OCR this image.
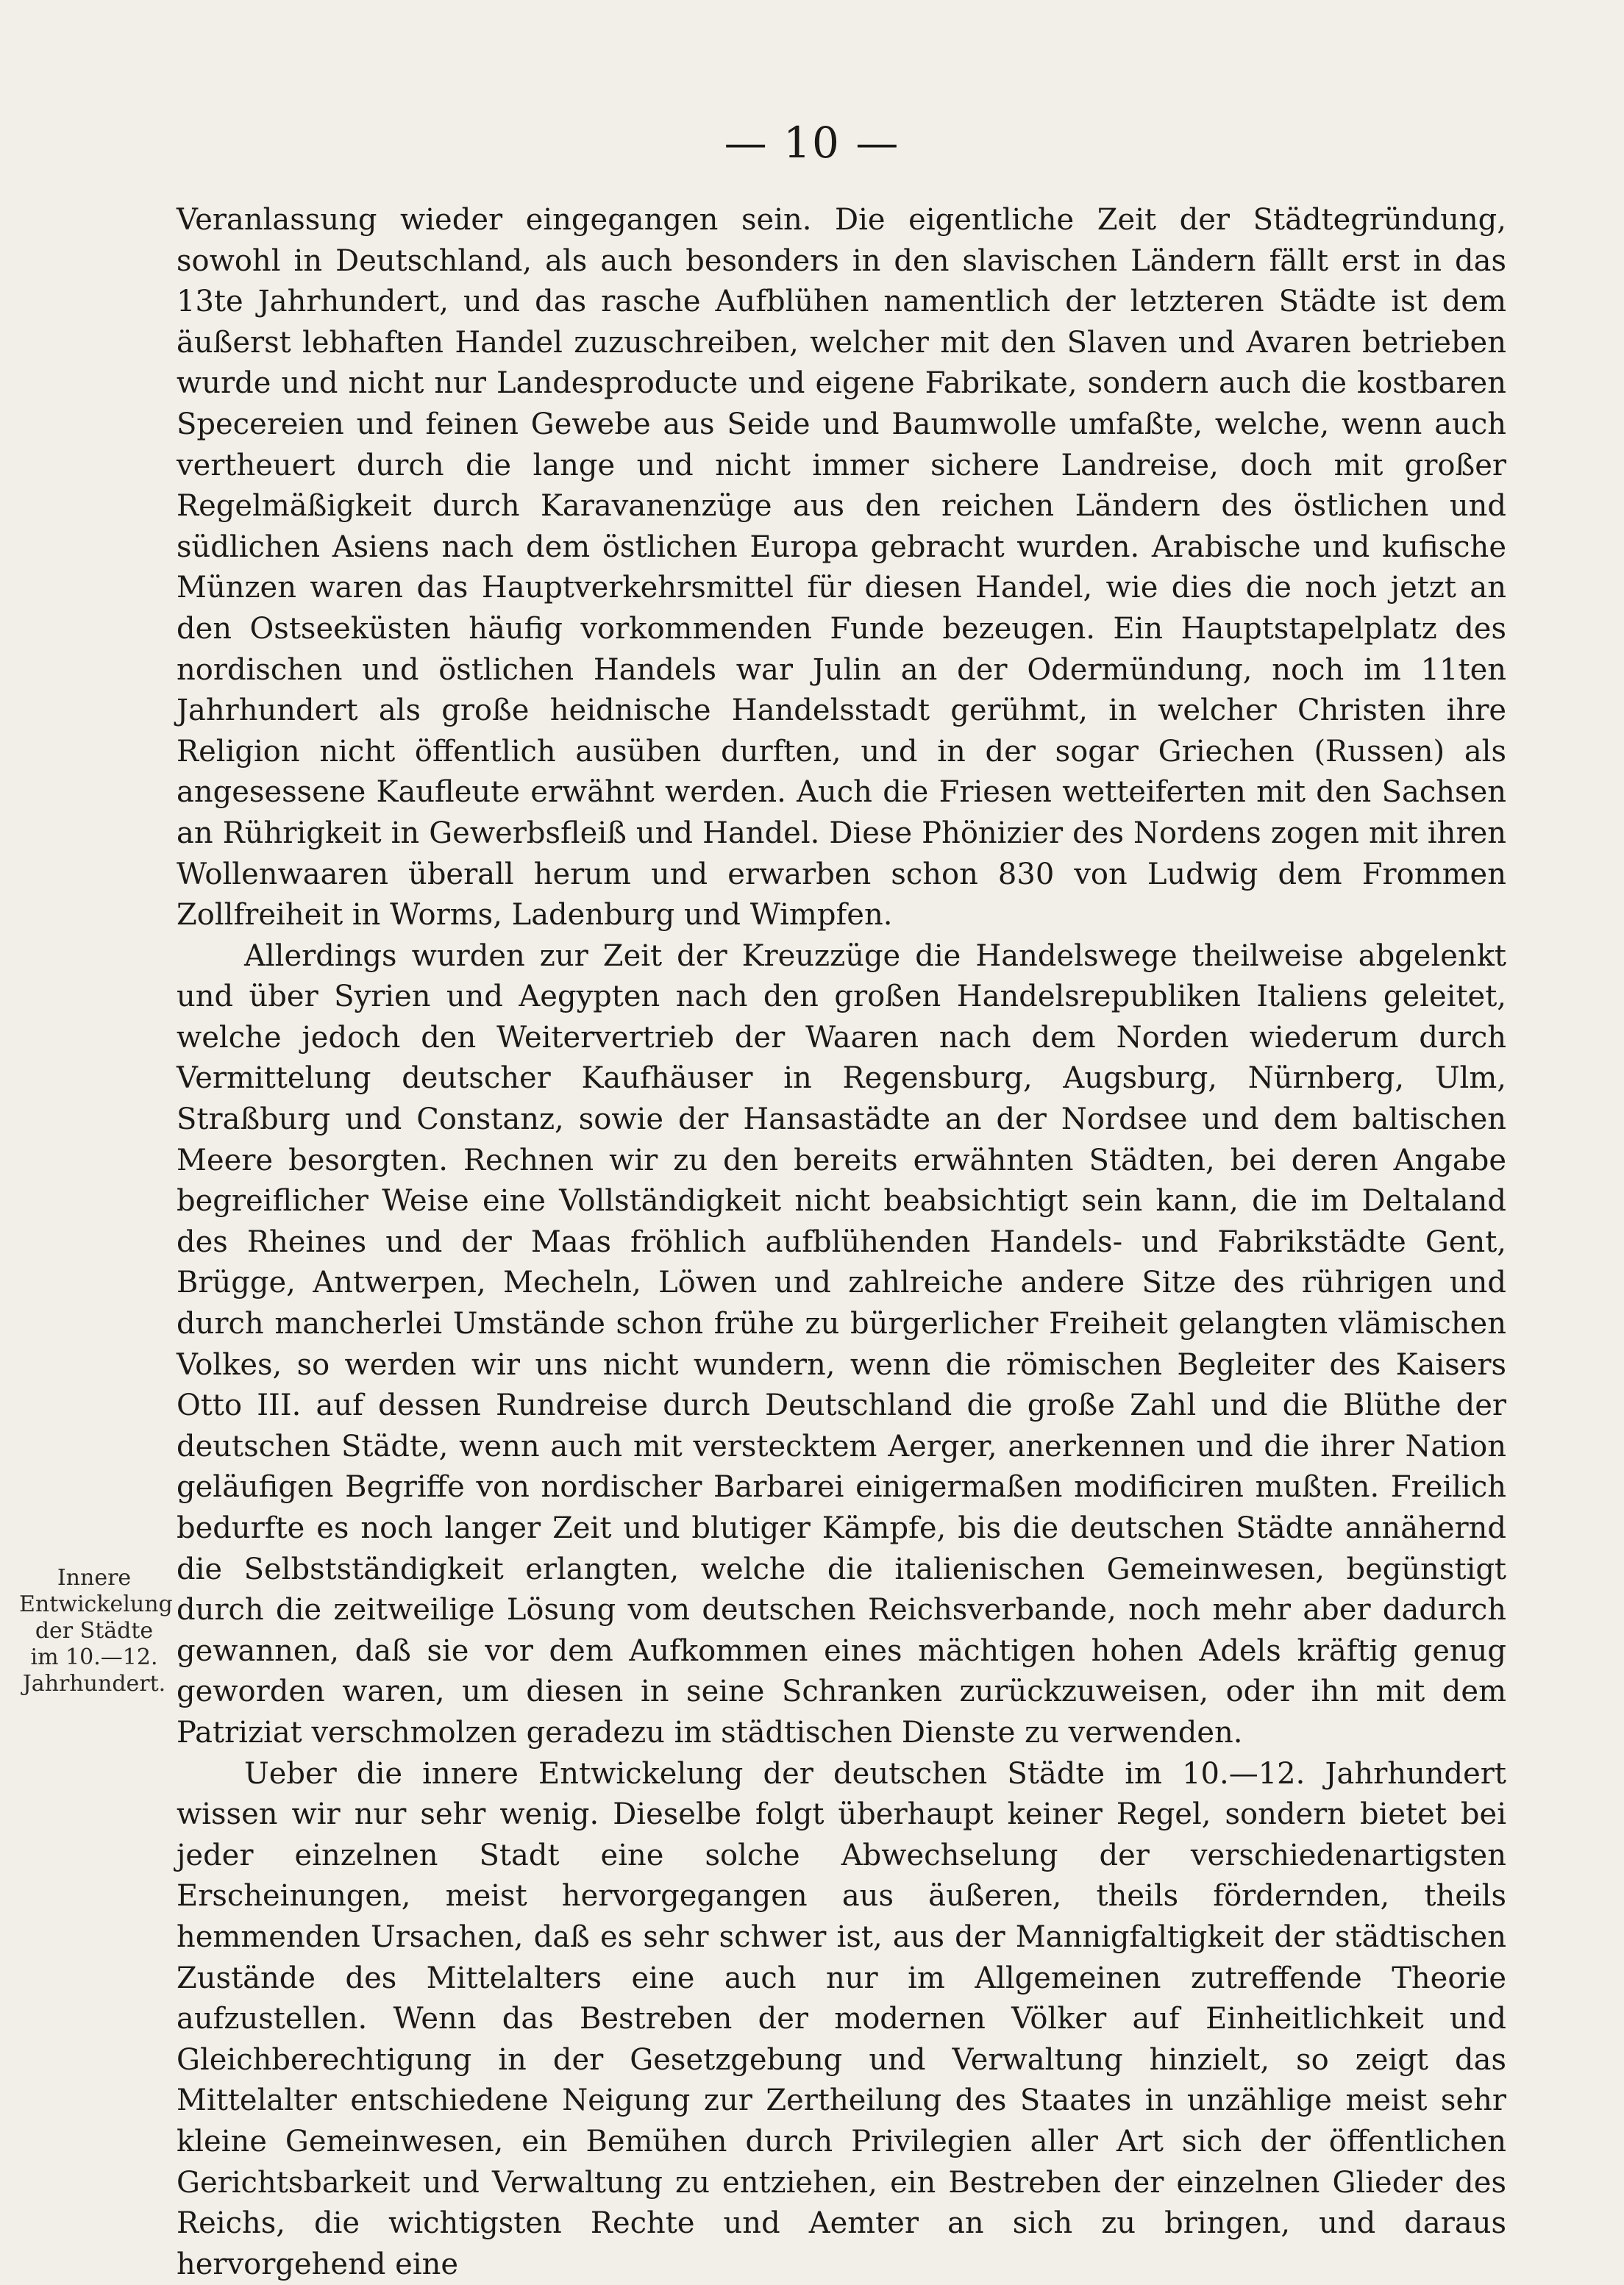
— 10 —

Veranlassung wieder eingegangen sein. Die eigentliche Zeit der Städtegründung, sowohl in Deutschland, als auch besonders in den slavischen Ländern fällt erst in das 13te Jahrhundert, und das rasche Aufblühen namentlich der letzteren Städte ist dem äußerst lebhaften Handel zuzuschreiben, welcher mit den Slaven und Avaren betrieben wurde und nicht nur Landesproducte und eigene Fabrikate, sondern auch die kostbaren Specereien und feinen Gewebe aus Seide und Baumwolle umfaßte, welche, wenn auch vertheuert durch die lange und nicht immer sichere Landreise, doch mit großer Regelmäßigkeit durch Karavanenzüge aus den reichen Ländern des östlichen und südlichen Asiens nach dem östlichen Europa gebracht wurden. Arabische und kufische Münzen waren das Hauptverkehrsmittel für diesen Handel, wie dies die noch jetzt an den Ostseeküsten häufig vorkommenden Funde bezeugen. Ein Hauptstapelplatz des nordischen und östlichen Handels war Julin an der Odermündung, noch im 11ten Jahrhundert als große heidnische Handelsstadt gerühmt, in welcher Christen ihre Religion nicht öffentlich ausüben durften, und in der sogar Griechen (Russen) als angesessene Kaufleute erwähnt werden. Auch die Friesen wetteiferten mit den Sachsen an Rührigkeit in Gewerbsfleiß und Handel. Diese Phönizier des Nordens zogen mit ihren Wollenwaaren überall herum und erwarben schon 830 von Ludwig dem Frommen Zollfreiheit in Worms, Ladenburg und Wimpfen.

Allerdings wurden zur Zeit der Kreuzzüge die Handelswege theilweise abgelenkt und über Syrien und Aegypten nach den großen Handelsrepubliken Italiens geleitet, welche jedoch den Weitervertrieb der Waaren nach dem Norden wiederum durch Vermittelung deutscher Kaufhäuser in Regensburg, Augsburg, Nürnberg, Ulm, Straßburg und Constanz, sowie der Hansastädte an der Nordsee und dem baltischen Meere besorgten. Rechnen wir zu den bereits erwähnten Städten, bei deren Angabe begreiflicher Weise eine Vollständigkeit nicht beabsichtigt sein kann, die im Deltaland des Rheines und der Maas fröhlich aufblühenden Handels- und Fabrikstädte Gent, Brügge, Antwerpen, Mecheln, Löwen und zahlreiche andere Sitze des rührigen und durch mancherlei Umstände schon frühe zu bürgerlicher Freiheit gelangten vlämischen Volkes, so werden wir uns nicht wundern, wenn die römischen Begleiter des Kaisers Otto III. auf dessen Rundreise durch Deutschland die große Zahl und die Blüthe der deutschen Städte, wenn auch mit verstecktem Aerger, anerkennen und die ihrer Nation geläufigen Begriffe von nordischer Barbarei einigermaßen modificiren mußten. Freilich bedurfte es noch langer Zeit und blutiger Kämpfe, bis die deutschen Städte annähernd die Selbstständigkeit erlangten, welche die italienischen Gemeinwesen, begünstigt durch die zeitweilige Lösung vom deutschen Reichsverbande, noch mehr aber dadurch gewannen, daß sie vor dem Aufkommen eines mächtigen hohen Adels kräftig genug geworden waren, um diesen in seine Schranken zurückzuweisen, oder ihn mit dem Patriziat verschmolzen geradezu im städtischen Dienste zu verwenden.

Ueber die innere Entwickelung der deutschen Städte im 10.—12. Jahrhundert wissen wir nur sehr wenig. Dieselbe folgt überhaupt keiner Regel, sondern bietet bei jeder einzelnen Stadt eine solche Abwechselung der verschiedenartigsten Erscheinungen, meist hervorgegangen aus äußeren, theils fördernden, theils hemmenden Ursachen, daß es sehr schwer ist, aus der Mannigfaltigkeit der städtischen Zustände des Mittelalters eine auch nur im Allgemeinen zutreffende Theorie aufzustellen. Wenn das Bestreben der modernen Völker auf Einheitlichkeit und Gleichberechtigung in der Gesetzgebung und Verwaltung hinzielt, so zeigt das Mittelalter entschiedene Neigung zur Zertheilung des Staates in unzählige meist sehr kleine Gemeinwesen, ein Bemühen durch Privilegien aller Art sich der öffentlichen Gerichtsbarkeit und Verwaltung zu entziehen, ein Bestreben der einzelnen Glieder des Reichs, die wichtigsten Rechte und Aemter an sich zu bringen, und daraus hervorgehend eine

Innere Entwickelung der Städte im 10.—12. Jahrhundert.
